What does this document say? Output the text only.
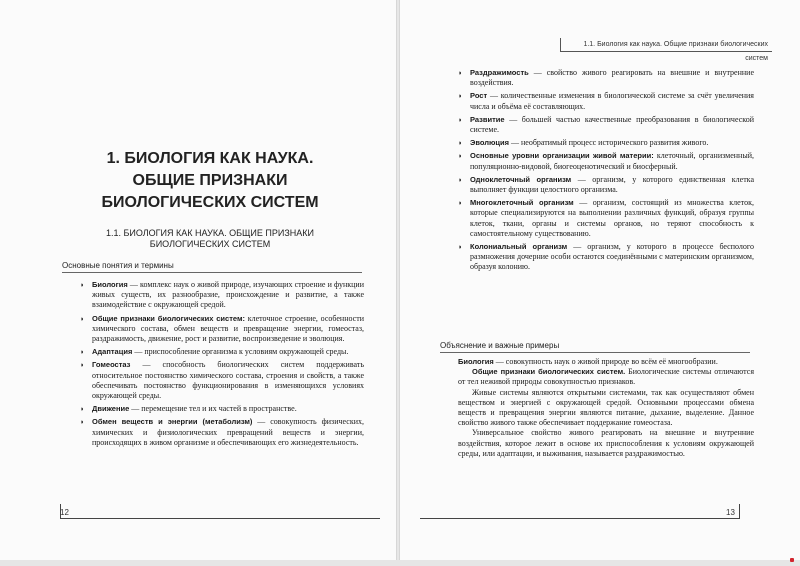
1. БИОЛОГИЯ КАК НАУКА.
ОБЩИЕ ПРИЗНАКИ
БИОЛОГИЧЕСКИХ СИСТЕМ
1.1. БИОЛОГИЯ КАК НАУКА. ОБЩИЕ ПРИЗНАКИ
БИОЛОГИЧЕСКИХ СИСТЕМ
Основные понятия и термины
◗ Биология — комплекс наук о живой природе, изучающих строение и функции живых существ, их разнообразие, происхождение и развитие, а также взаимодействие с окружающей средой.
◗ Общие признаки биологических систем: клеточное строение, особенности химического состава, обмен веществ и превращение энергии, гомеостаз, раздражимость, движение, рост и развитие, воспроизведение и эволюция.
◗ Адаптация — приспособление организма к условиям окружающей среды.
◗ Гомеостаз — способность биологических систем поддерживать относительное постоянство химического состава, строения и свойств, а также обеспечивать постоянство функционирования в изменяющихся условиях окружающей среды.
◗ Движение — перемещение тел и их частей в пространстве.
◗ Обмен веществ и энергии (метаболизм) — совокупность физических, химических и физиологических превращений веществ и энергии, происходящих в живом организме и обеспечивающих его жизнедеятельность.
12
1.1. Биология как наука. Общие признаки биологических систем
◗ Раздражимость — свойство живого реагировать на внешние и внутренние воздействия.
◗ Рост — количественные изменения в биологической системе за счёт увеличения числа и объёма её составляющих.
◗ Развитие — большей частью качественные преобразования в биологической системе.
◗ Эволюция — необратимый процесс исторического развития живого.
◗ Основные уровни организации живой материи: клеточный, организменный, популяционно-видовой, биогеоценотический и биосферный.
◗ Одноклеточный организм — организм, у которого единственная клетка выполняет функции целостного организма.
◗ Многоклеточный организм — организм, состоящий из множества клеток, которые специализируются на выполнении различных функций, образуя группы клеток, ткани, органы и системы органов, но теряют способность к самостоятельному существованию.
◗ Колониальный организм — организм, у которого в процессе бесполого размножения дочерние особи остаются соединёнными с материнским организмом, образуя колонию.
Объяснение и важные примеры

Биология — совокупность наук о живой природе во всём её многообразии.

Общие признаки биологических систем. Биологические системы отличаются от тел неживой природы совокупностью признаков.

Живые системы являются открытыми системами, так как осуществляют обмен веществом и энергией с окружающей средой. Основными процессами обмена веществ и превращения энергии являются питание, дыхание, выделение. Данное свойство живого также обеспечивает поддержание гомеостаза.

Универсальное свойство живого реагировать на внешние и внутренние воздействия, которое лежит в основе их приспособления к условиям окружающей среды, или адаптации, и выживания, называется раздражимостью.

13
